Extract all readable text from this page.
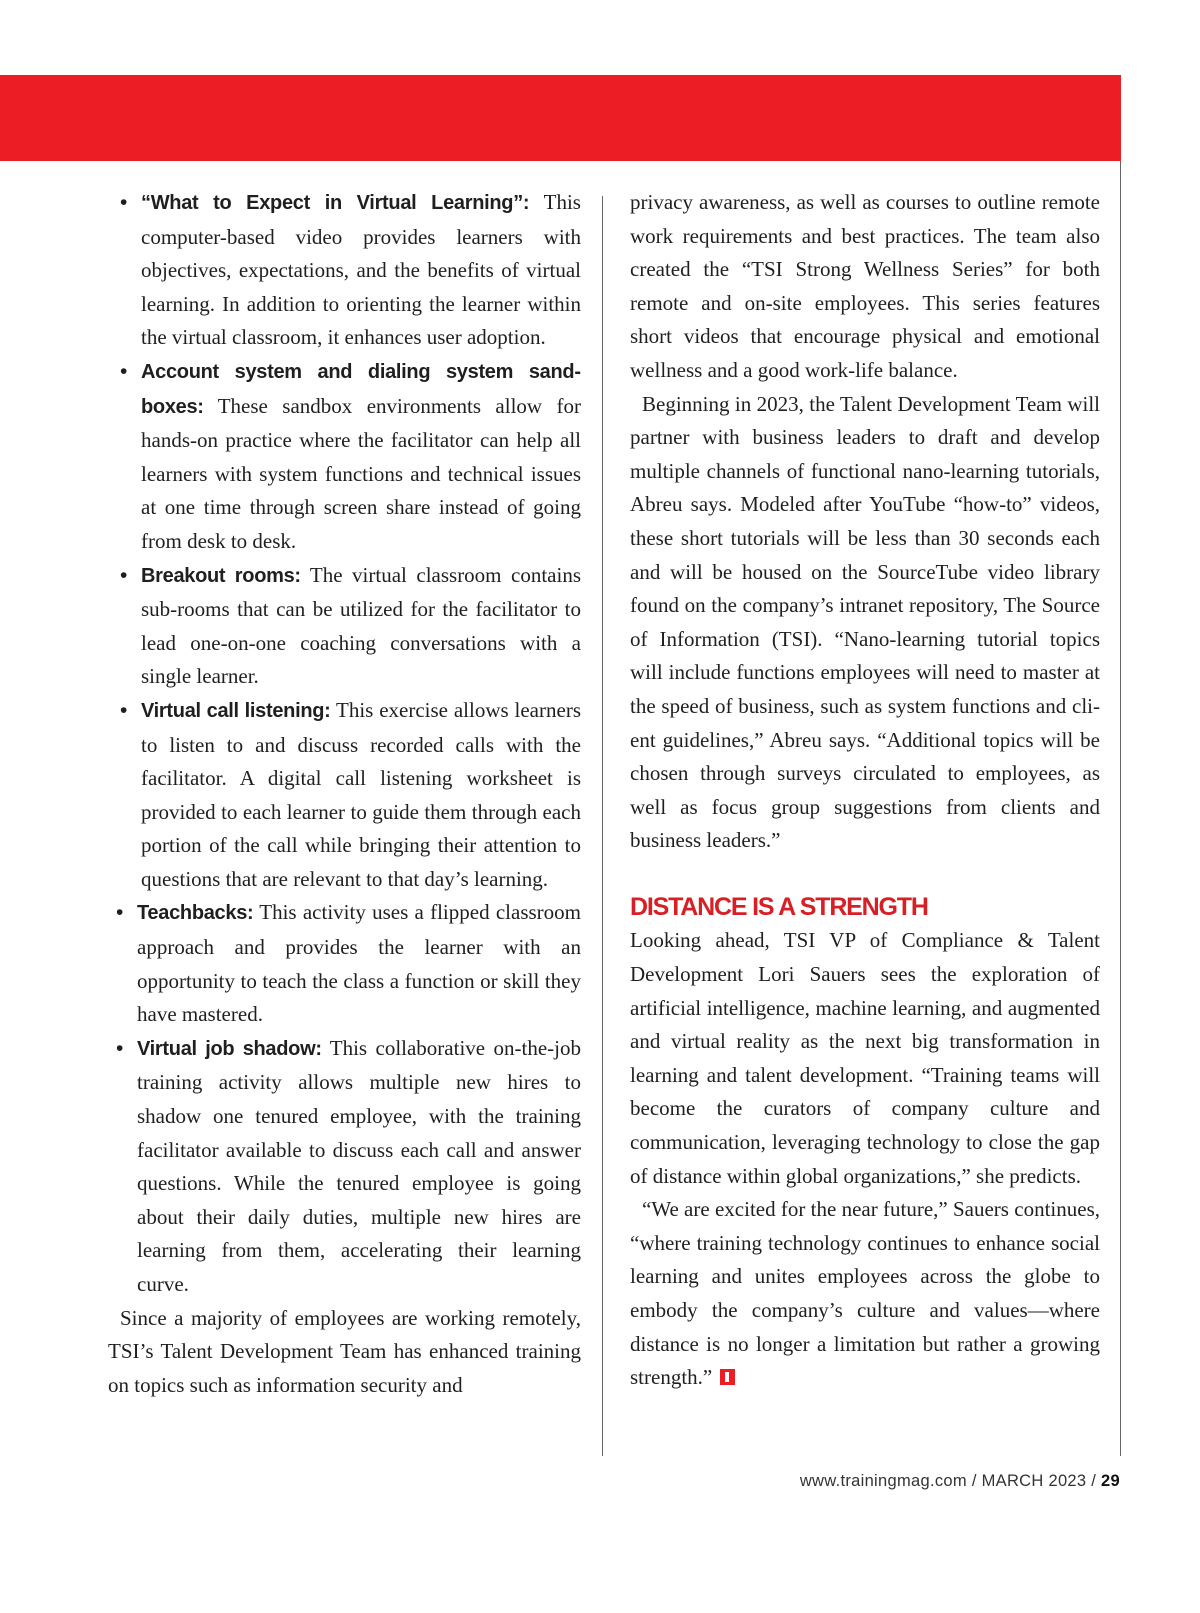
• “What to Expect in Virtual Learning”: This computer-based video provides learners with objectives, expectations, and the benefits of virtual learning. In addition to orienting the learner within the virtual classroom, it enhances user adoption.
• Account system and dialing system sandboxes: These sandbox environments allow for hands-on practice where the facilitator can help all learners with system functions and technical issues at one time through screen share instead of going from desk to desk.
• Breakout rooms: The virtual classroom contains sub-rooms that can be utilized for the facilitator to lead one-on-one coaching conversations with a single learner.
• Virtual call listening: This exercise allows learners to listen to and discuss recorded calls with the facilitator. A digital call listening worksheet is provided to each learner to guide them through each portion of the call while bringing their attention to questions that are relevant to that day’s learning.
• Teachbacks: This activity uses a flipped classroom approach and provides the learner with an opportunity to teach the class a function or skill they have mastered.
• Virtual job shadow: This collaborative on-the-job training activity allows multiple new hires to shadow one tenured employee, with the training facilitator available to discuss each call and answer questions. While the tenured employee is going about their daily duties, multiple new hires are learning from them, accelerating their learning curve.

Since a majority of employees are working remotely, TSI’s Talent Development Team has enhanced training on topics such as information security and

privacy awareness, as well as courses to outline remote work requirements and best practices. The team also created the “TSI Strong Wellness Series” for both remote and on-site employees. This series features short videos that encourage physical and emotional wellness and a good work-life balance.

Beginning in 2023, the Talent Development Team will partner with business leaders to draft and develop multiple channels of functional nano-learning tutorials, Abreu says. Modeled after YouTube “how-to” videos, these short tutorials will be less than 30 seconds each and will be housed on the SourceTube video library found on the company’s intranet repository, The Source of Information (TSI). “Nano-learning tutorial topics will include functions employees will need to master at the speed of business, such as system functions and client guidelines,” Abreu says. “Additional topics will be chosen through surveys circulated to employees, as well as focus group suggestions from clients and business leaders.”

DISTANCE IS A STRENGTH

Looking ahead, TSI VP of Compliance & Talent Development Lori Sauers sees the exploration of artificial intelligence, machine learning, and augmented and virtual reality as the next big transformation in learning and talent development. “Training teams will become the curators of company culture and communication, leveraging technology to close the gap of distance within global organizations,” she predicts.

“We are excited for the near future,” Sauers continues, “where training technology continues to enhance social learning and unites employees across the globe to embody the company’s culture and values—where distance is no longer a limitation but rather a growing strength.”

www.trainingmag.com / MARCH 2023 / 29
